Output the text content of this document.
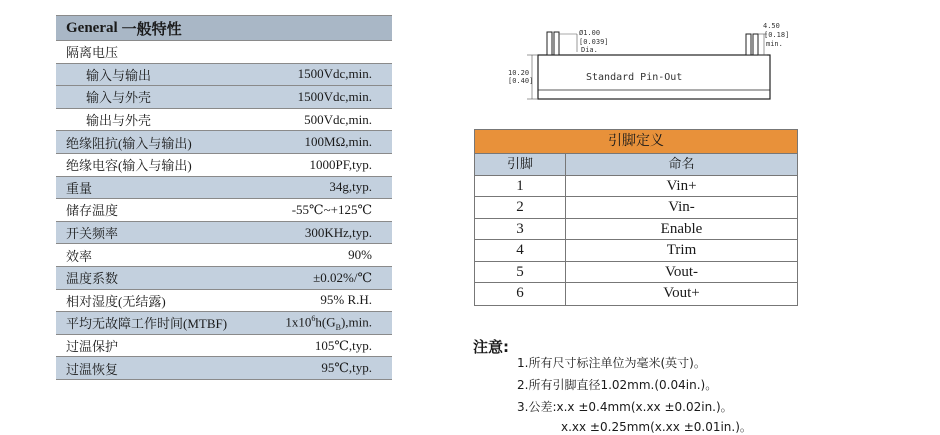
General 一般特性
隔离电压
输入与输出	1500Vdc,min.
输入与外壳	1500Vdc,min.
输出与外壳	500Vdc,min.
绝缘阻抗(输入与输出)	100MΩ,min.
绝缘电容(输入与输出)	1000PF,typ.
重量	34g,typ.
储存温度	-55℃~+125℃
开关频率	300KHz,typ.
效率	90%
温度系数	±0.02%/℃
相对湿度(无结露)	95% R.H.
平均无故障工作时间(MTBF)	$1x10^6h(G_B),\min$.
过温保护	105℃,typ.
过温恢复	95℃,typ.
Ø1.00
[0.039]
Dia.
4.50
[0.18]
min.
10.20
[0.40]	Standard Pin-Out
引脚定义
引脚	命名
1	Vin+
2	Vin-
3	Enable
4	Trim
5	Vout-
6	Vout+
注意:
1.所有尺寸标注单位为毫米(英寸)。
2.所有引脚直径1.02mm.(0.04in.)。
3.公差:x.x ±0.4mm(x.xx ±0.02in.)。
x.xx ±0.25mm(x.xx ±0.01in.)。
